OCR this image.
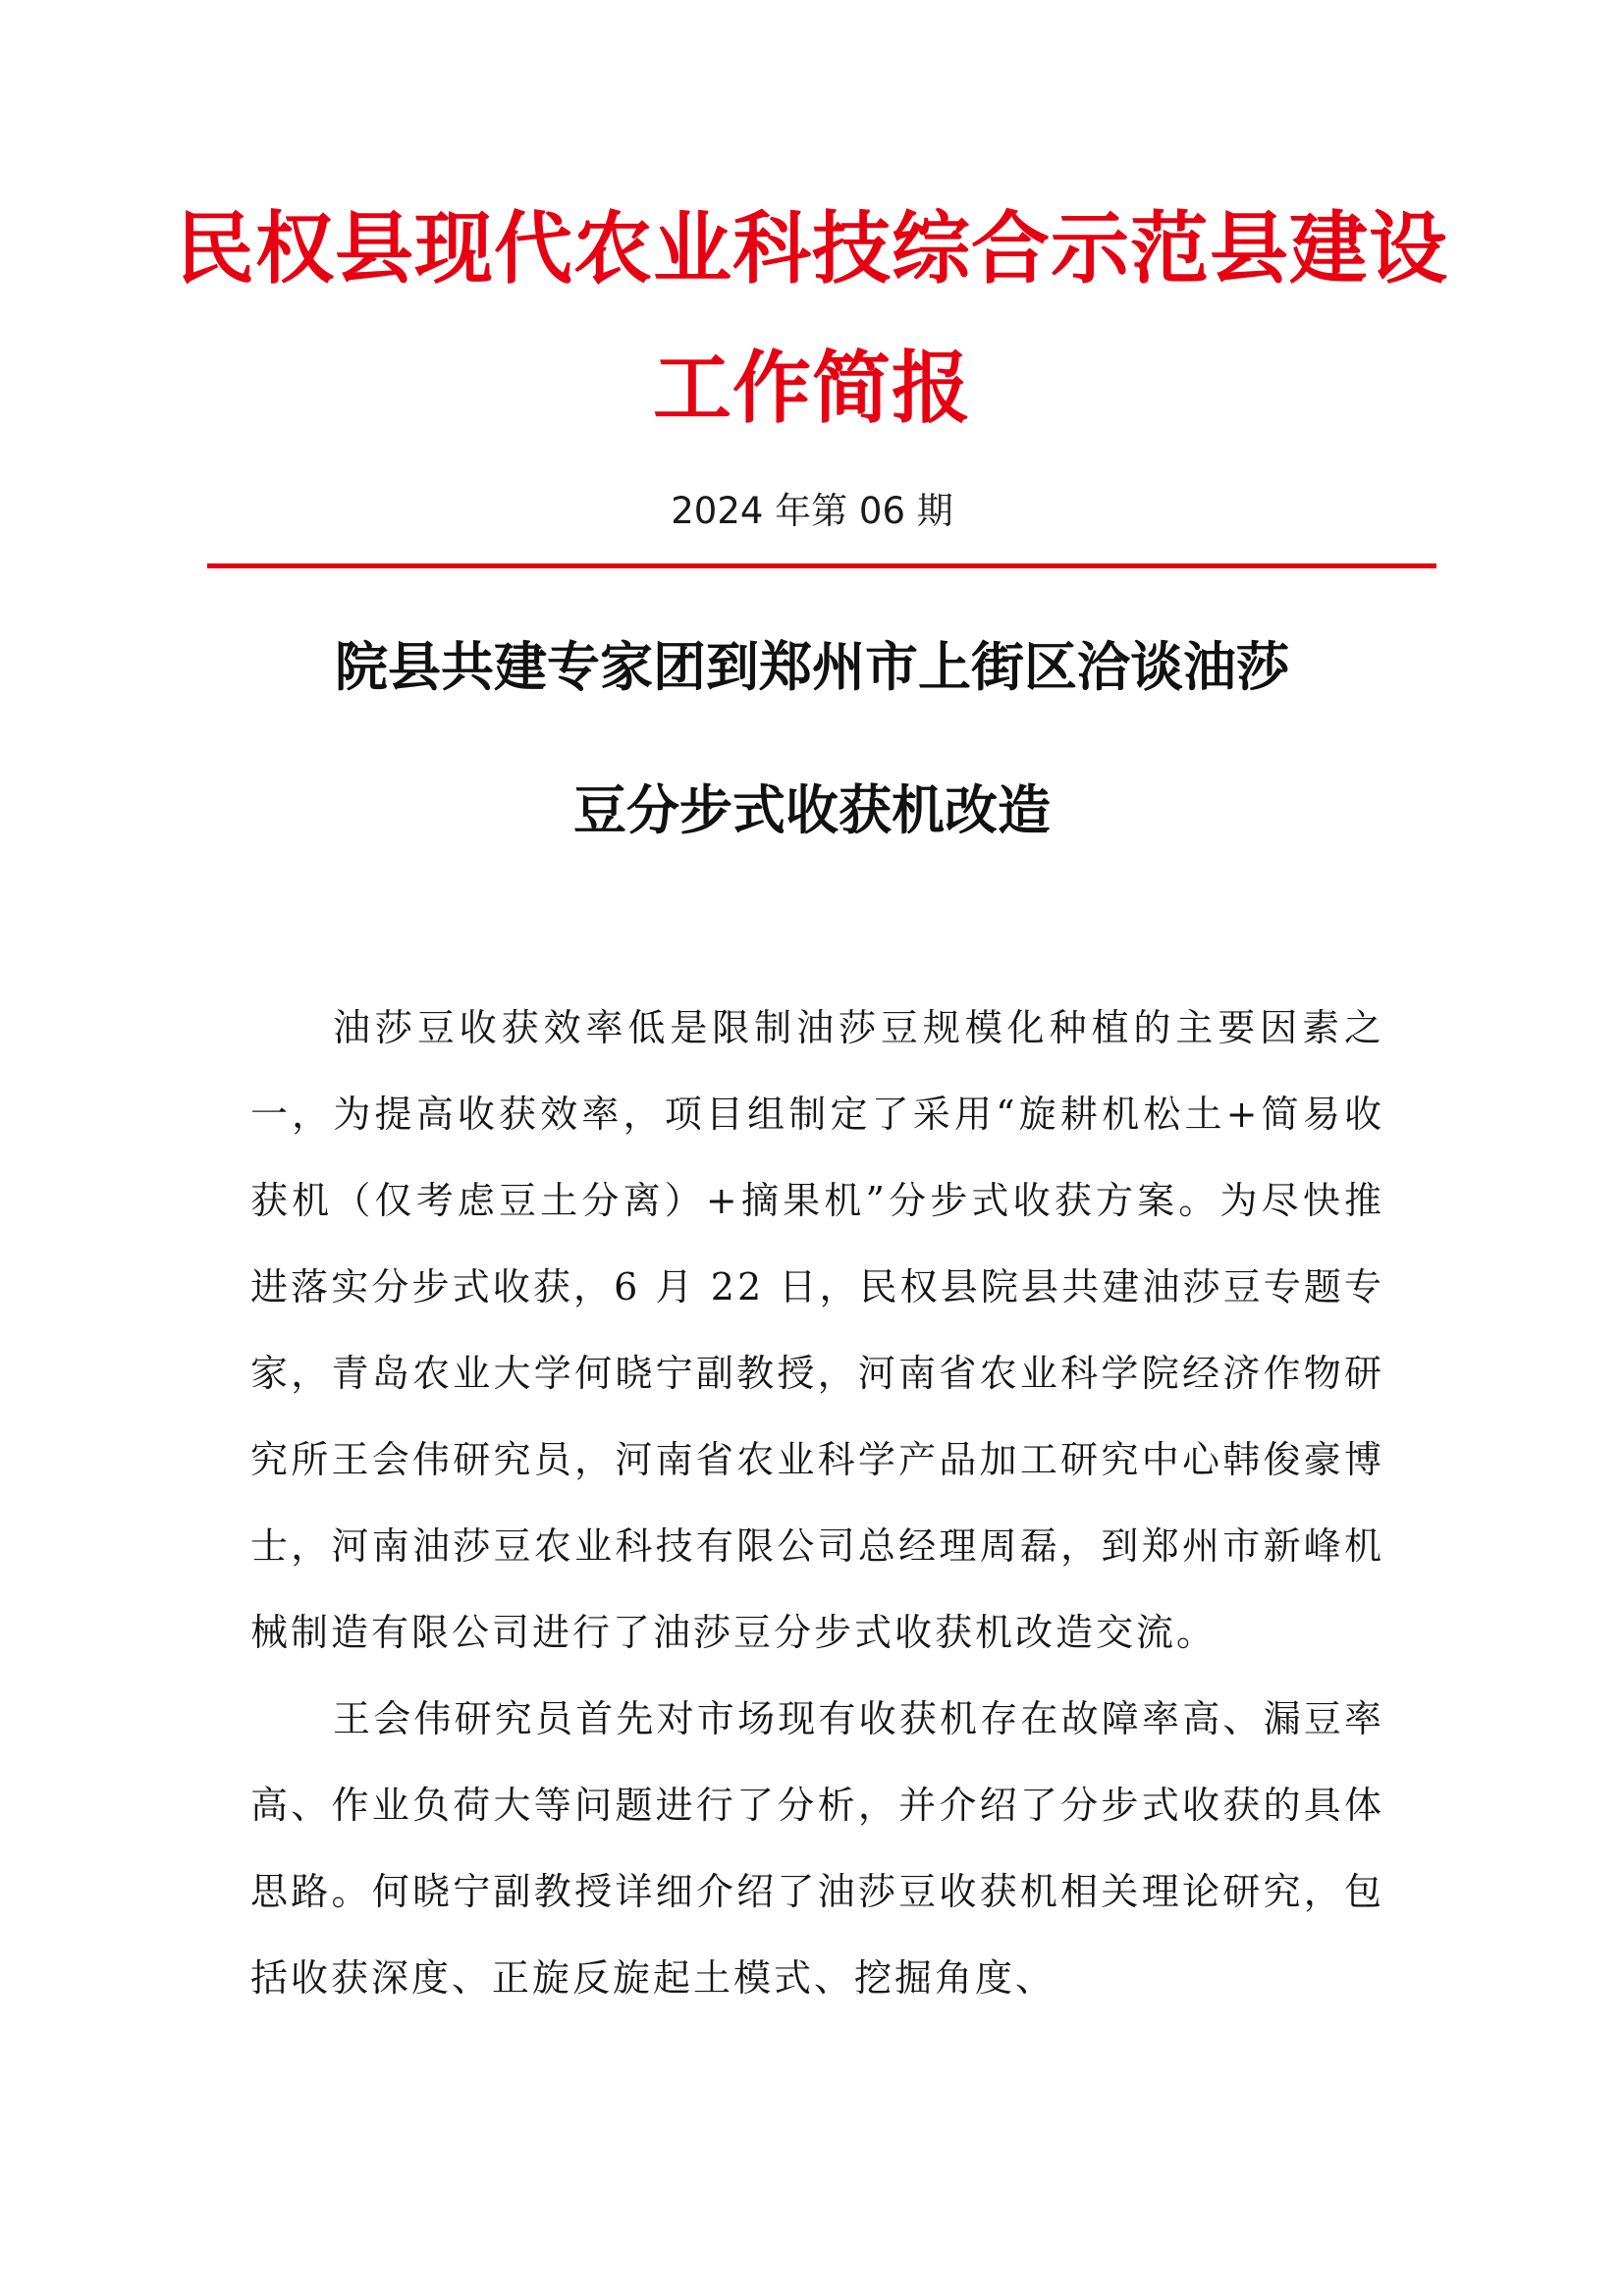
民权县现代农业科技综合示范县建设
工作简报
2024 年第 06 期
院县共建专家团到郑州市上街区洽谈油莎
豆分步式收获机改造

油莎豆收获效率低是限制油莎豆规模化种植的主要因素之一，为提高收获效率，项目组制定了采用“旋耕机松土+简易收获机（仅考虑豆土分离）+摘果机”分步式收获方案。为尽快推进落实分步式收获，6 月 22 日，民权县院县共建油莎豆专题专家，青岛农业大学何晓宁副教授，河南省农业科学院经济作物研究所王会伟研究员，河南省农业科学产品加工研究中心韩俊豪博士，河南油莎豆农业科技有限公司总经理周磊，到郑州市新峰机械制造有限公司进行了油莎豆分步式收获机改造交流。

王会伟研究员首先对市场现有收获机存在故障率高、漏豆率高、作业负荷大等问题进行了分析，并介绍了分步式收获的具体思路。何晓宁副教授详细介绍了油莎豆收获机相关理论研究，包括收获深度、正旋反旋起土模式、挖掘角度、
